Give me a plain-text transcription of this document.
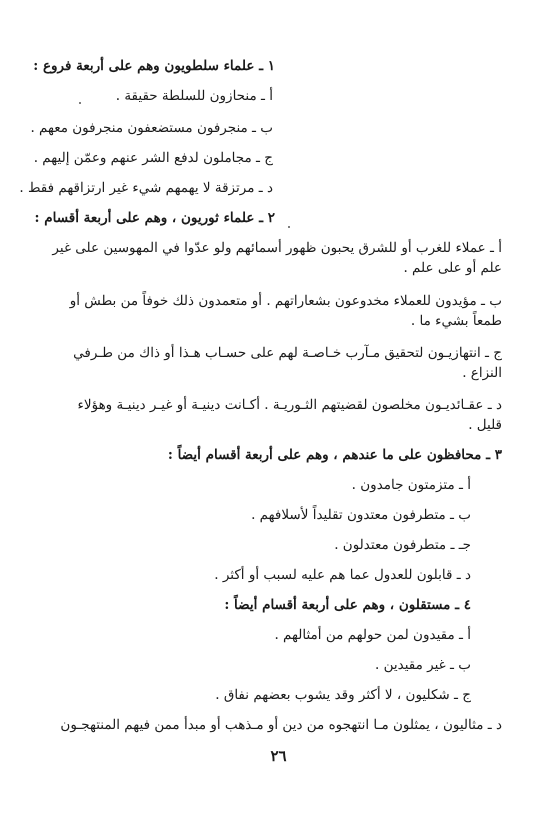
١ ـ علماء سلطويون وهم على أربعة فروع :
أ ـ منحازون للسلطة حقيقة .
ب ـ منجرفون مستضعفون منجرفون معهم .
ج ـ مجاملون لدفع الشر عنهم وعمّن إليهم .
د ـ مرتزقة لا يهمهم شيء غير ارتزاقهم فقط .
٢ ـ علماء ثوريون ، وهم على أربعة أقسام :
أ ـ عملاء للغرب أو للشرق يحبون ظهور أسمائهم ولو عدّوا في المهوسين على غير
علم أو على علم .
ب ـ مؤيدون للعملاء مخدوعون بشعاراتهم . أو متعمدون ذلك خوفاً من بطش أو
طمعاً بشيء ما .
ج ـ انتهازيـون لتحقيق مـآرب خـاصـة لهم على حسـاب هـذا أو ذاك من طـرفي
النزاع .
د ـ عقـائديـون مخلصون لقضيتهم الثـوريـة . أكـانت دينيـة أو غيـر دينيـة وهؤلاء
قليل .
٣ ـ محافظون على ما عندهم ، وهم على أربعة أقسام أيضاً :
أ ـ متزمتون جامدون .
ب ـ متطرفون معتدون تقليداً لأسلافهم .
جـ ـ متطرفون معتدلون .
د ـ قابلون للعدول عما هم عليه لسبب أو أكثر .
٤ ـ مستقلون ، وهم على أربعة أقسام أيضاً :
أ ـ مقيدون لمن حولهم من أمثالهم .
ب ـ غير مقيدين .
ج ـ شكليون ، لا أكثر وقد يشوب بعضهم نفاق .
د ـ مثاليون ، يمثلون مـا انتهجوه من دين أو مـذهب أو مبدأ ممن فيهم المنتهجـون
٢٦
